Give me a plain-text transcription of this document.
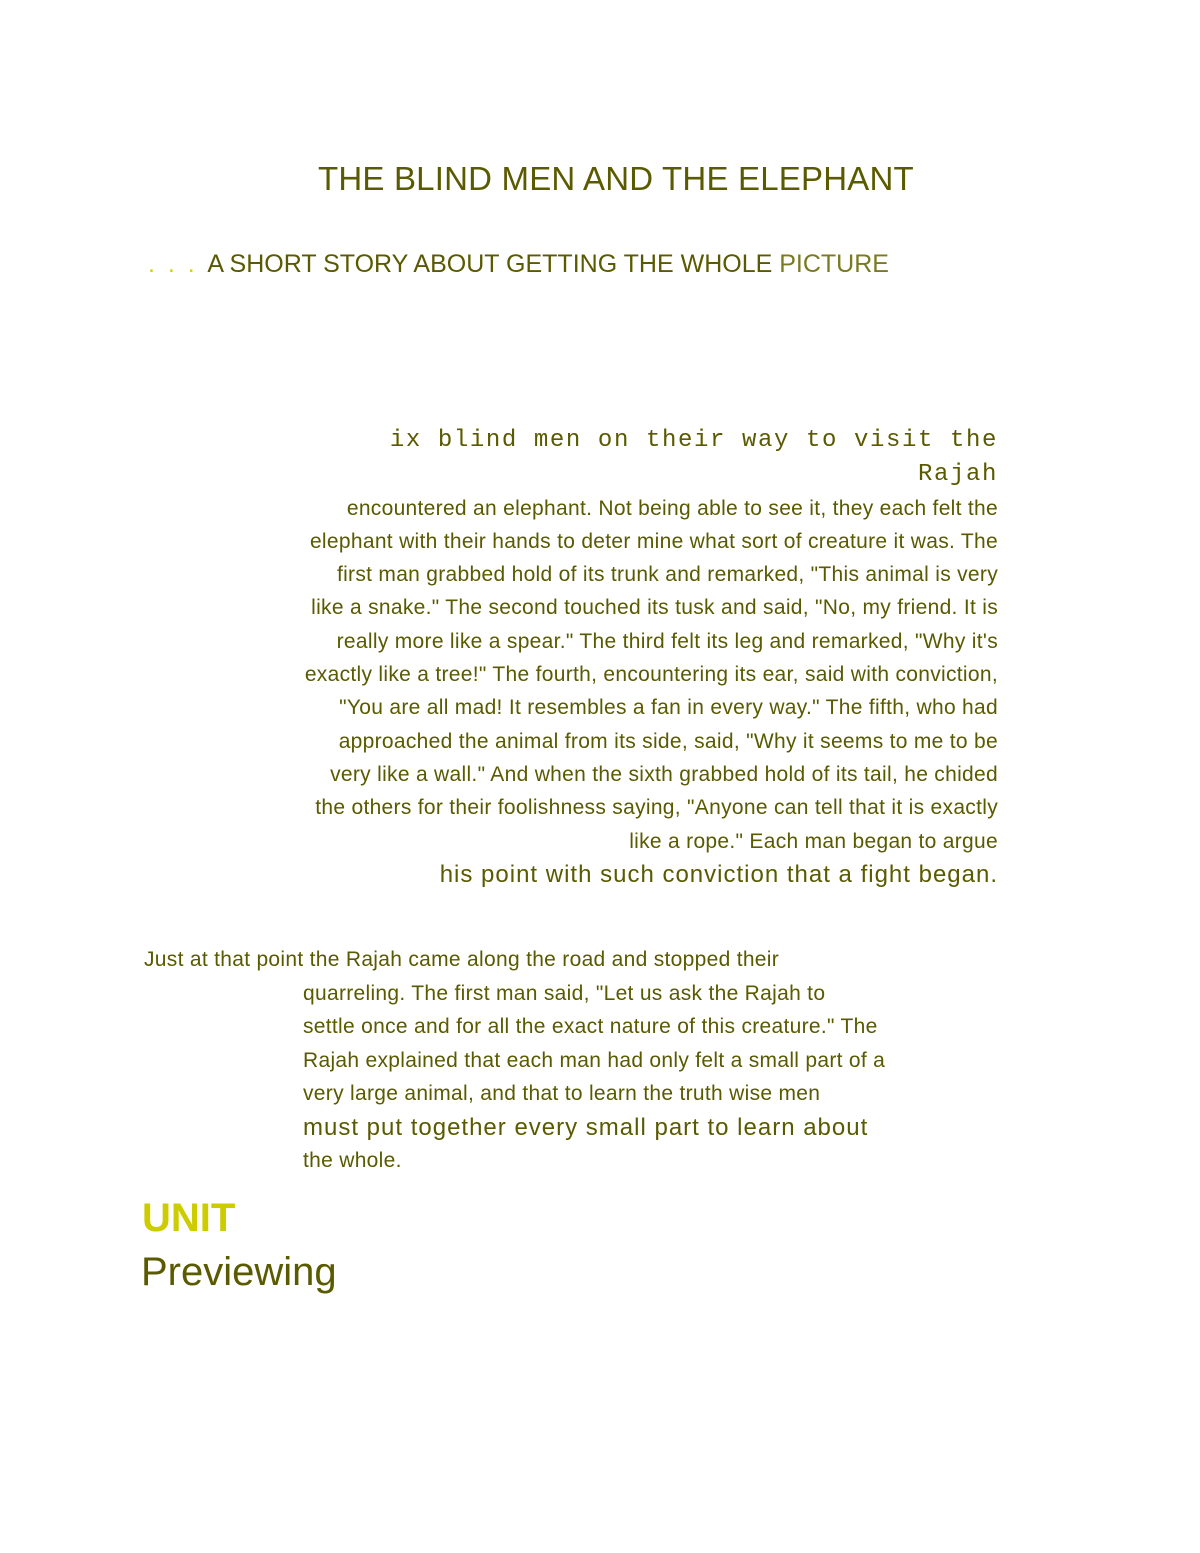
THE BLIND MEN AND THE ELEPHANT
. . . A SHORT STORY ABOUT GETTING THE WHOLE PICTURE
ix blind men on their way to visit the Rajah
encountered an elephant. Not being able to see it, they each felt the elephant with their hands to deter mine what sort of creature it was. The first man grabbed hold of its trunk and remarked, "This animal is very like a snake." The second touched its tusk and said, "No, my friend. It is really more like a spear." The third felt its leg and remarked, "Why it's exactly like a tree!" The fourth, encountering its ear, said with conviction, "You are all mad! It resembles a fan in every way." The fifth, who had approached the animal from its side, said, "Why it seems to me to be very like a wall." And when the sixth grabbed hold of its tail, he chided the others for their foolishness saying, "Anyone can tell that it is exactly like a rope." Each man began to argue
his point with such conviction that a fight began.
Just at that point the Rajah came along the road and stopped their
quarreling. The first man said, "Let us ask the Rajah to
settle once and for all the exact nature of this creature." The
Rajah explained that each man had only felt a small part of a
very large animal, and that to learn the truth wise men
must put together every small part to learn about
the whole.
UNIT
Previewing
